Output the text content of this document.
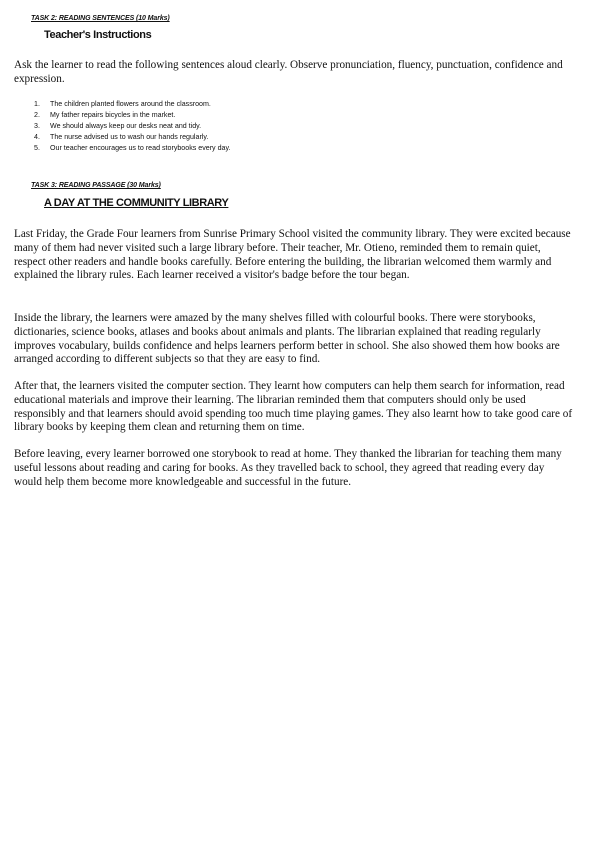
TASK 2: READING SENTENCES (10 Marks)
Teacher's Instructions

Ask the learner to read the following sentences aloud clearly. Observe pronunciation, fluency, punctuation, confidence and expression.

1.	The children planted flowers around the classroom.
2.	My father repairs bicycles in the market.
3.	We should always keep our desks neat and tidy.
4.	The nurse advised us to wash our hands regularly.
5.	Our teacher encourages us to read storybooks every day.
TASK 3: READING PASSAGE (30 Marks)
A DAY AT THE COMMUNITY LIBRARY

Last Friday, the Grade Four learners from Sunrise Primary School visited the community library. They were excited because many of them had never visited such a large library before. Their teacher, Mr. Otieno, reminded them to remain quiet, respect other readers and handle books carefully. Before entering the building, the librarian welcomed them warmly and explained the library rules. Each learner received a visitor's badge before the tour began.

Inside the library, the learners were amazed by the many shelves filled with colourful books. There were storybooks, dictionaries, science books, atlases and books about animals and plants. The librarian explained that reading regularly improves vocabulary, builds confidence and helps learners perform better in school. She also showed them how books are arranged according to different subjects so that they are easy to find.

After that, the learners visited the computer section. They learnt how computers can help them search for information, read educational materials and improve their learning. The librarian reminded them that computers should only be used responsibly and that learners should avoid spending too much time playing games. They also learnt how to take good care of library books by keeping them clean and returning them on time.

Before leaving, every learner borrowed one storybook to read at home. They thanked the librarian for teaching them many useful lessons about reading and caring for books. As they travelled back to school, they agreed that reading every day would help them become more knowledgeable and successful in the future.
